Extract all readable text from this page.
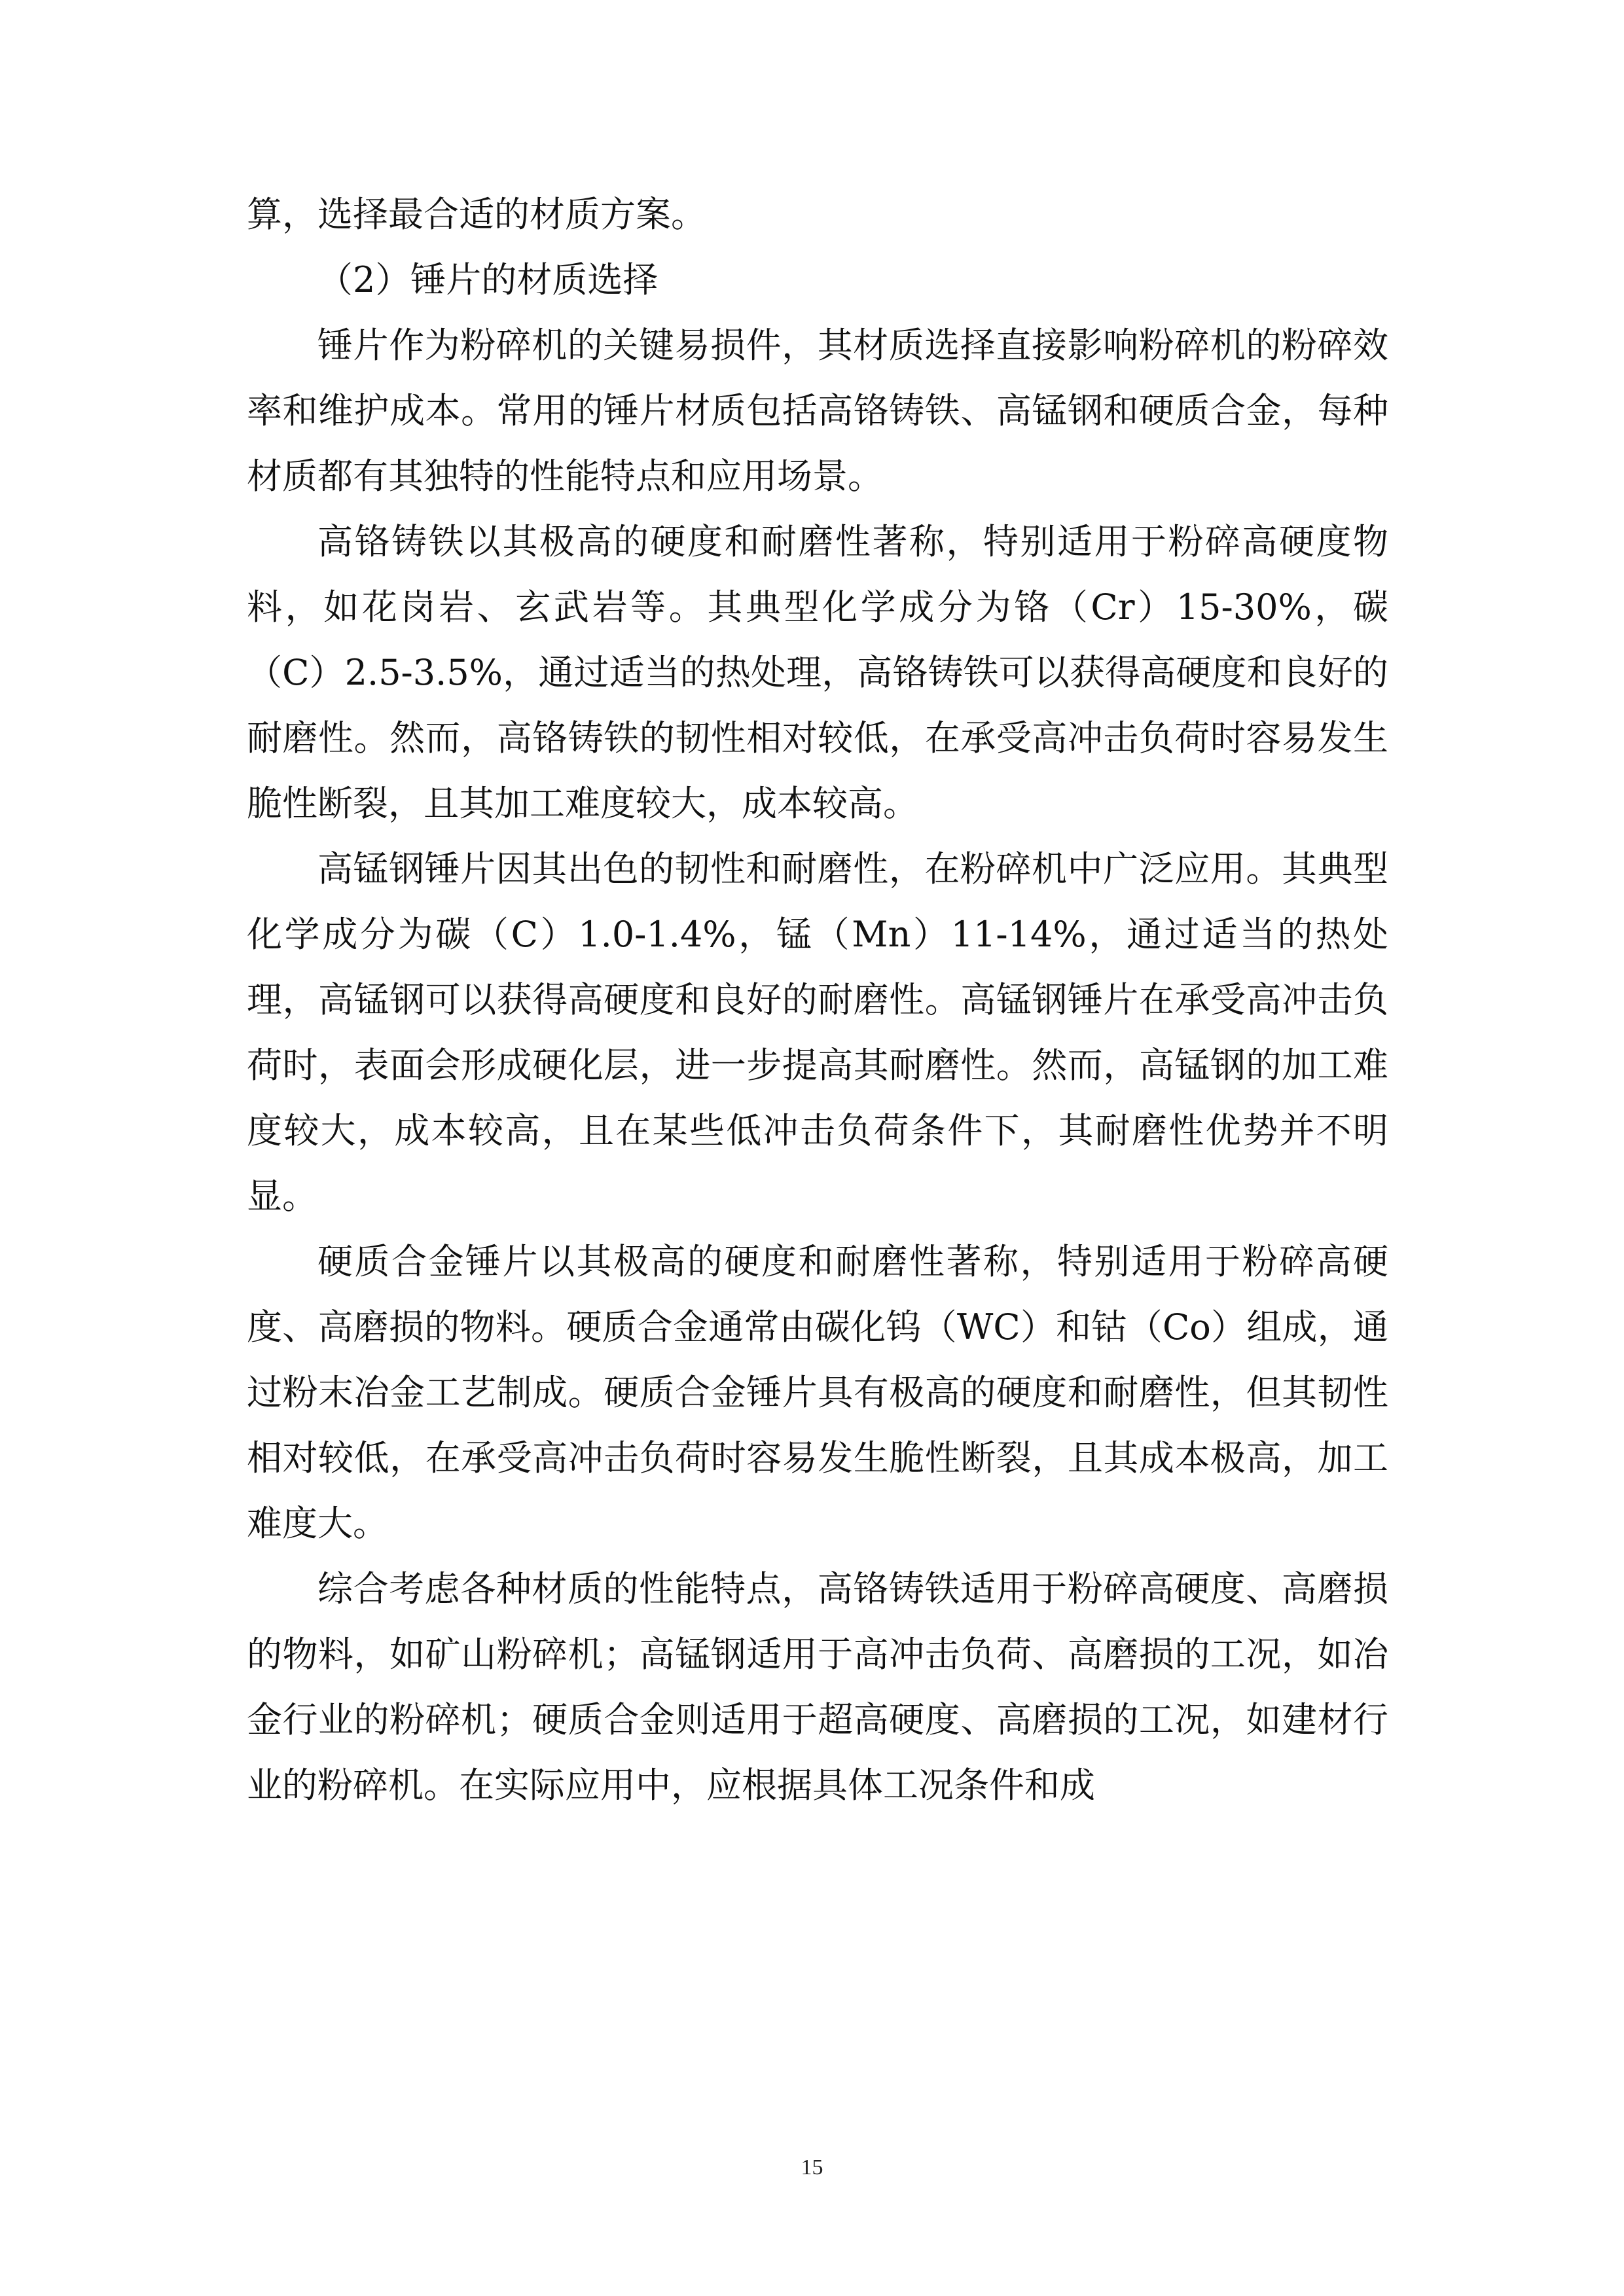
算，选择最合适的材质方案。

（2）锤片的材质选择

锤片作为粉碎机的关键易损件，其材质选择直接影响粉碎机的粉碎效率和维护成本。常用的锤片材质包括高铬铸铁、高锰钢和硬质合金，每种材质都有其独特的性能特点和应用场景。

高铬铸铁以其极高的硬度和耐磨性著称，特别适用于粉碎高硬度物料，如花岗岩、玄武岩等。其典型化学成分为铬（Cr）15-30%，碳（C）2.5-3.5%，通过适当的热处理，高铬铸铁可以获得高硬度和良好的耐磨性。然而，高铬铸铁的韧性相对较低，在承受高冲击负荷时容易发生脆性断裂，且其加工难度较大，成本较高。

高锰钢锤片因其出色的韧性和耐磨性，在粉碎机中广泛应用。其典型化学成分为碳（C）1.0-1.4%，锰（Mn）11-14%，通过适当的热处理，高锰钢可以获得高硬度和良好的耐磨性。高锰钢锤片在承受高冲击负荷时，表面会形成硬化层，进一步提高其耐磨性。然而，高锰钢的加工难度较大，成本较高，且在某些低冲击负荷条件下，其耐磨性优势并不明显。

硬质合金锤片以其极高的硬度和耐磨性著称，特别适用于粉碎高硬度、高磨损的物料。硬质合金通常由碳化钨（WC）和钴（Co）组成，通过粉末冶金工艺制成。硬质合金锤片具有极高的硬度和耐磨性，但其韧性相对较低，在承受高冲击负荷时容易发生脆性断裂，且其成本极高，加工难度大。

综合考虑各种材质的性能特点，高铬铸铁适用于粉碎高硬度、高磨损的物料，如矿山粉碎机；高锰钢适用于高冲击负荷、高磨损的工况，如冶金行业的粉碎机；硬质合金则适用于超高硬度、高磨损的工况，如建材行业的粉碎机。在实际应用中，应根据具体工况条件和成

15
